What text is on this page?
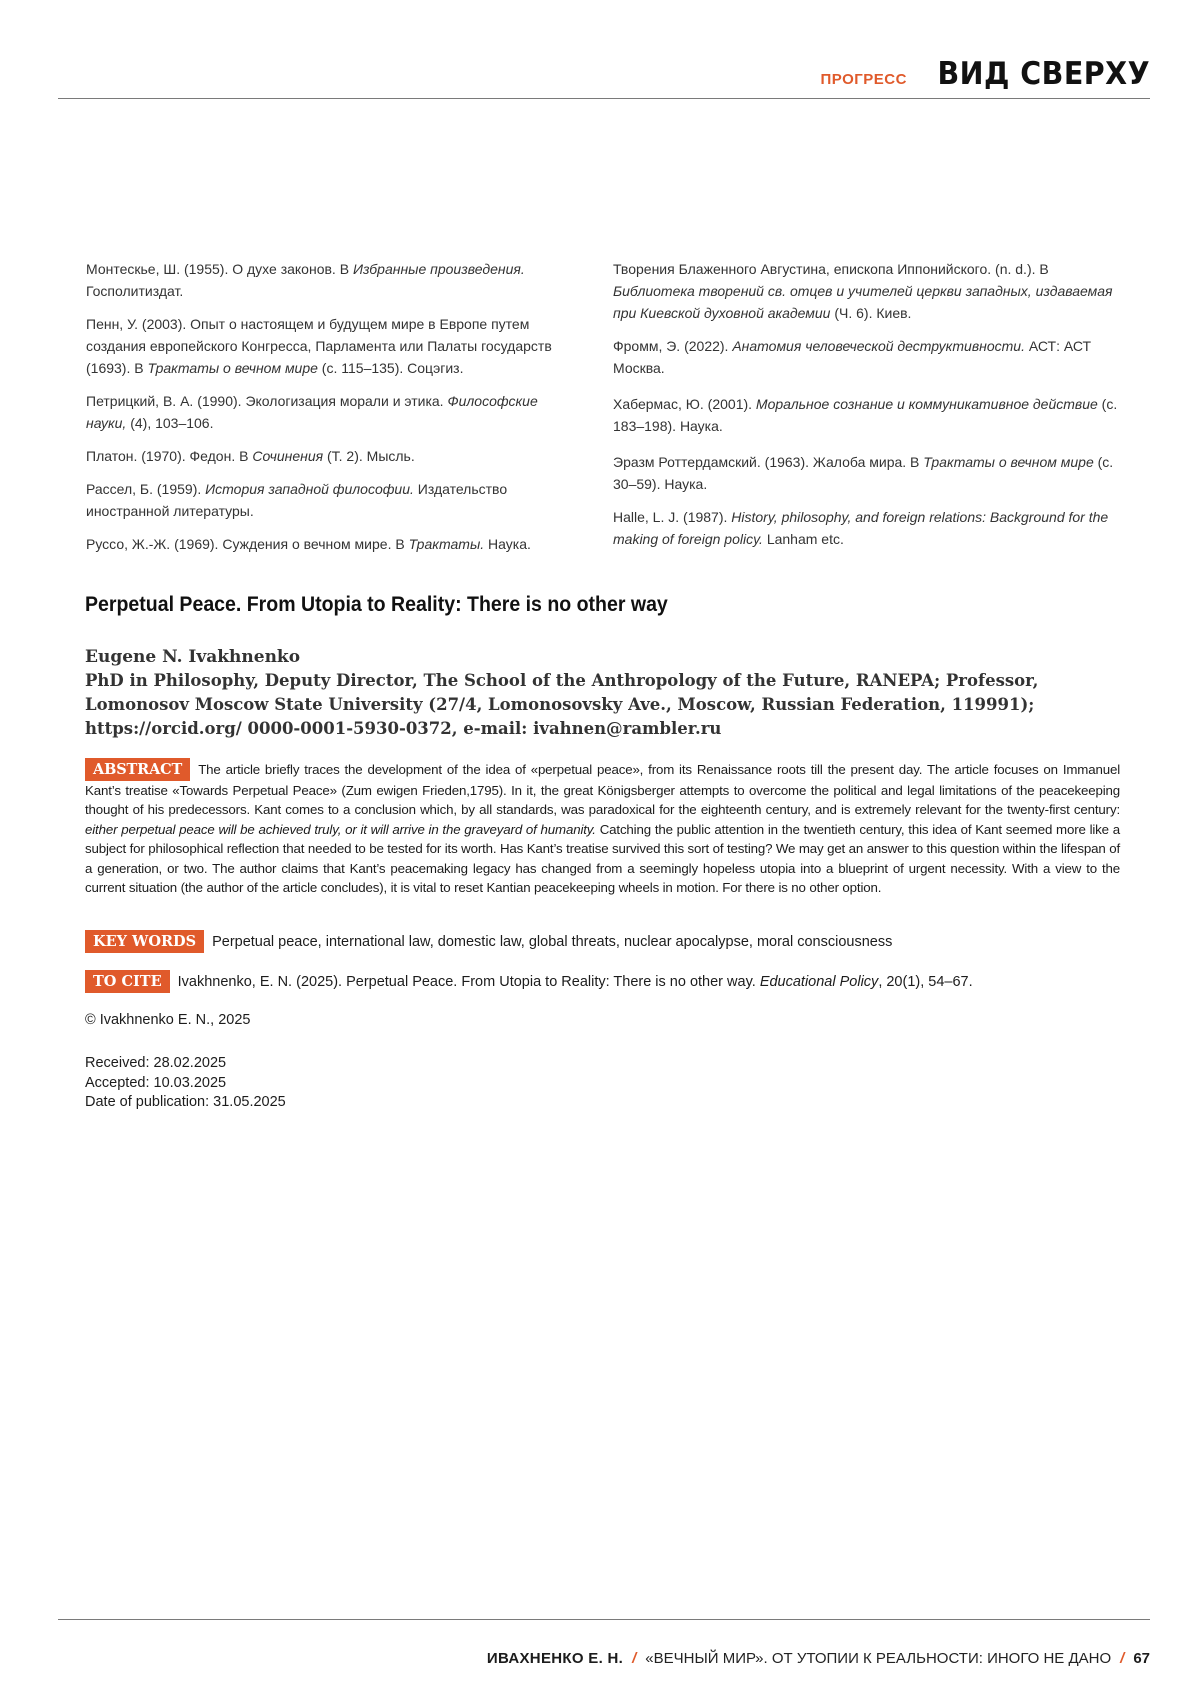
ПРОГРЕСС ВИД СВЕРХУ

Монтескье, Ш. (1955). О духе законов. В Избранные произведения. Госполитиздат.

Пенн, У. (2003). Опыт о настоящем и будущем мире в Европе путем создания европейского Конгресса, Парламента или Палаты государств (1693). В Трактаты о вечном мире (с. 115–135). Соцэгиз.

Петрицкий, В. А. (1990). Экологизация морали и этика. Философские науки, (4), 103–106.

Платон. (1970). Федон. В Сочинения (Т. 2). Мысль.

Рассел, Б. (1959). История западной философии. Издательство иностранной литературы.

Руссо, Ж.-Ж. (1969). Суждения о вечном мире. В Трактаты. Наука.

Творения Блаженного Августина, епископа Иппонийского. (n. d.). В Библиотека творений св. отцев и учителей церкви западных, издаваемая при Киевской духовной академии (Ч. 6). Киев.

Фромм, Э. (2022). Анатомия человеческой деструктивности. АСТ: АСТ Москва.

Хабермас, Ю. (2001). Моральное сознание и коммуникативное действие (с. 183–198). Наука.

Эразм Роттердамский. (1963). Жалоба мира. В Трактаты о вечном мире (с. 30–59). Наука.

Halle, L. J. (1987). History, philosophy, and foreign relations: Background for the making of foreign policy. Lanham etc.

Perpetual Peace. From Utopia to Reality: There is no other way
Eugene N. Ivakhnenko
PhD in Philosophy, Deputy Director, The School of the Anthropology of the Future, RANEPA; Professor, Lomonosov Moscow State University (27/4, Lomonosovsky Ave., Moscow, Russian Federation, 119991); https://orcid.org/ 0000-0001-5930-0372, e-mail: ivahnen@rambler.ru
ABSTRACT The article briefly traces the development of the idea of «perpetual peace», from its Renaissance roots till the present day. The article focuses on Immanuel Kant’s treatise «Towards Perpetual Peace» (Zum ewigen Frieden,1795). In it, the great Königsberger attempts to overcome the political and legal limitations of the peacekeeping thought of his predecessors. Kant comes to a conclusion which, by all standards, was paradoxical for the eighteenth century, and is extremely relevant for the twenty-first century: either perpetual peace will be achieved truly, or it will arrive in the graveyard of humanity. Catching the public attention in the twentieth century, this idea of Kant seemed more like a subject for philosophical reflection that needed to be tested for its worth. Has Kant’s treatise survived this sort of testing? We may get an answer to this question within the lifespan of a generation, or two. The author claims that Kant’s peacemaking legacy has changed from a seemingly hopeless utopia into a blueprint of urgent necessity. With a view to the current situation (the author of the article concludes), it is vital to reset Kantian peacekeeping wheels in motion. For there is no other option.
KEY WORDS Perpetual peace, international law, domestic law, global threats, nuclear apocalypse, moral consciousness
TO CITE Ivakhnenko, E. N. (2025). Perpetual Peace. From Utopia to Reality: There is no other way. Educational Policy, 20(1), 54–67.
© Ivakhnenko E. N., 2025
Received: 28.02.2025
Accepted: 10.03.2025
Date of publication: 31.05.2025
ИВАХНЕНКО Е. Н. / «ВЕЧНЫЙ МИР». ОТ УТОПИИ К РЕАЛЬНОСТИ: ИНОГО НЕ ДАНО / 67
